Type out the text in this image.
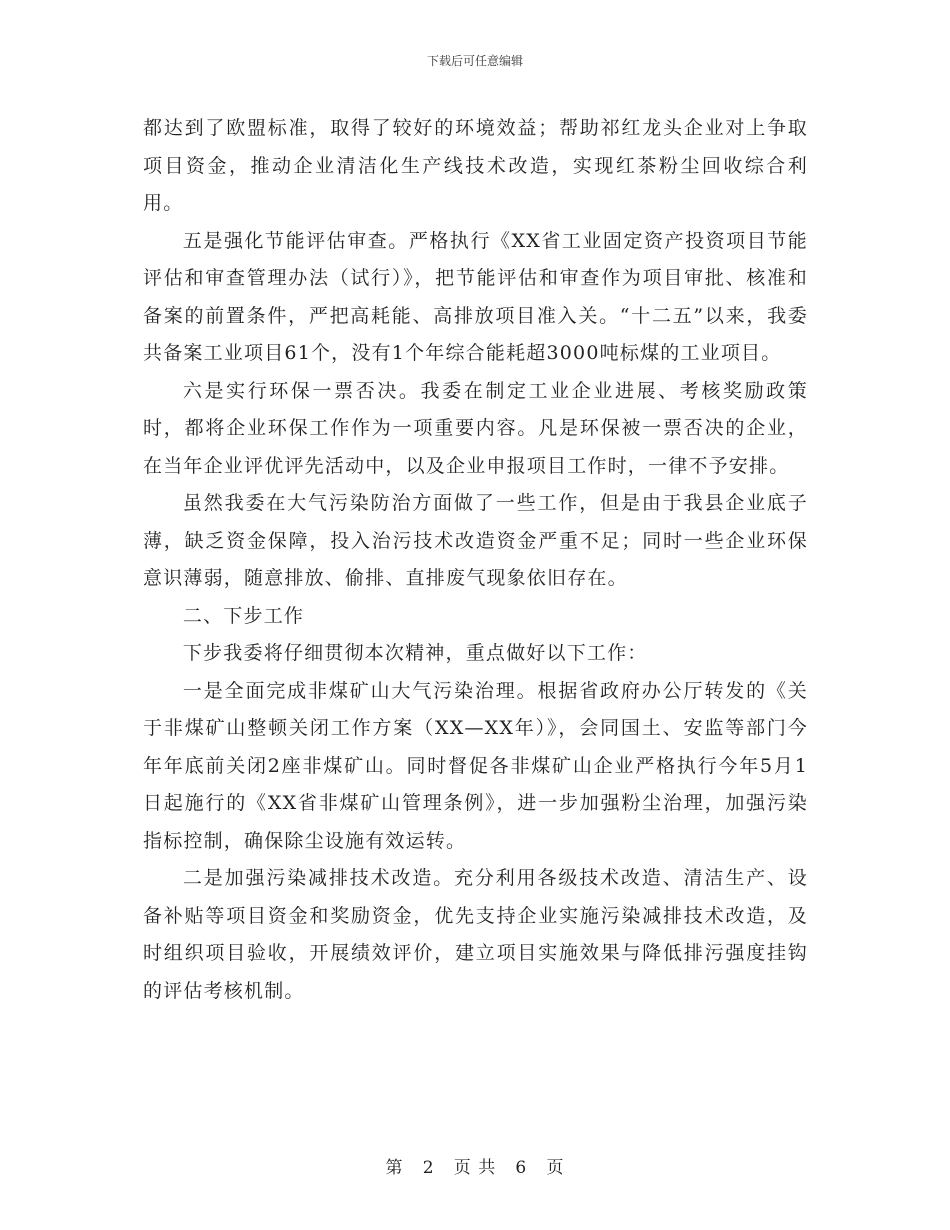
下载后可任意编辑

都达到了欧盟标准，取得了较好的环境效益；帮助祁红龙头企业对上争取项目资金，推动企业清洁化生产线技术改造，实现红茶粉尘回收综合利用。

五是强化节能评估审查。严格执行《XX省工业固定资产投资项目节能评估和审查管理办法（试行）》，把节能评估和审查作为项目审批、核准和备案的前置条件，严把高耗能、高排放项目准入关。“十二五”以来，我委共备案工业项目61个，没有1个年综合能耗超3000吨标煤的工业项目。

六是实行环保一票否决。我委在制定工业企业进展、考核奖励政策时，都将企业环保工作作为一项重要内容。凡是环保被一票否决的企业，在当年企业评优评先活动中，以及企业申报项目工作时，一律不予安排。

虽然我委在大气污染防治方面做了一些工作，但是由于我县企业底子薄，缺乏资金保障，投入治污技术改造资金严重不足；同时一些企业环保意识薄弱，随意排放、偷排、直排废气现象依旧存在。

二、下步工作

下步我委将仔细贯彻本次精神，重点做好以下工作：

一是全面完成非煤矿山大气污染治理。根据省政府办公厅转发的《关于非煤矿山整顿关闭工作方案（XX—XX年）》，会同国土、安监等部门今年年底前关闭2座非煤矿山。同时督促各非煤矿山企业严格执行今年5月1日起施行的《XX省非煤矿山管理条例》，进一步加强粉尘治理，加强污染指标控制，确保除尘设施有效运转。

二是加强污染减排技术改造。充分利用各级技术改造、清洁生产、设备补贴等项目资金和奖励资金，优先支持企业实施污染减排技术改造，及时组织项目验收，开展绩效评价，建立项目实施效果与降低排污强度挂钩的评估考核机制。

第 2 页 共 6 页
